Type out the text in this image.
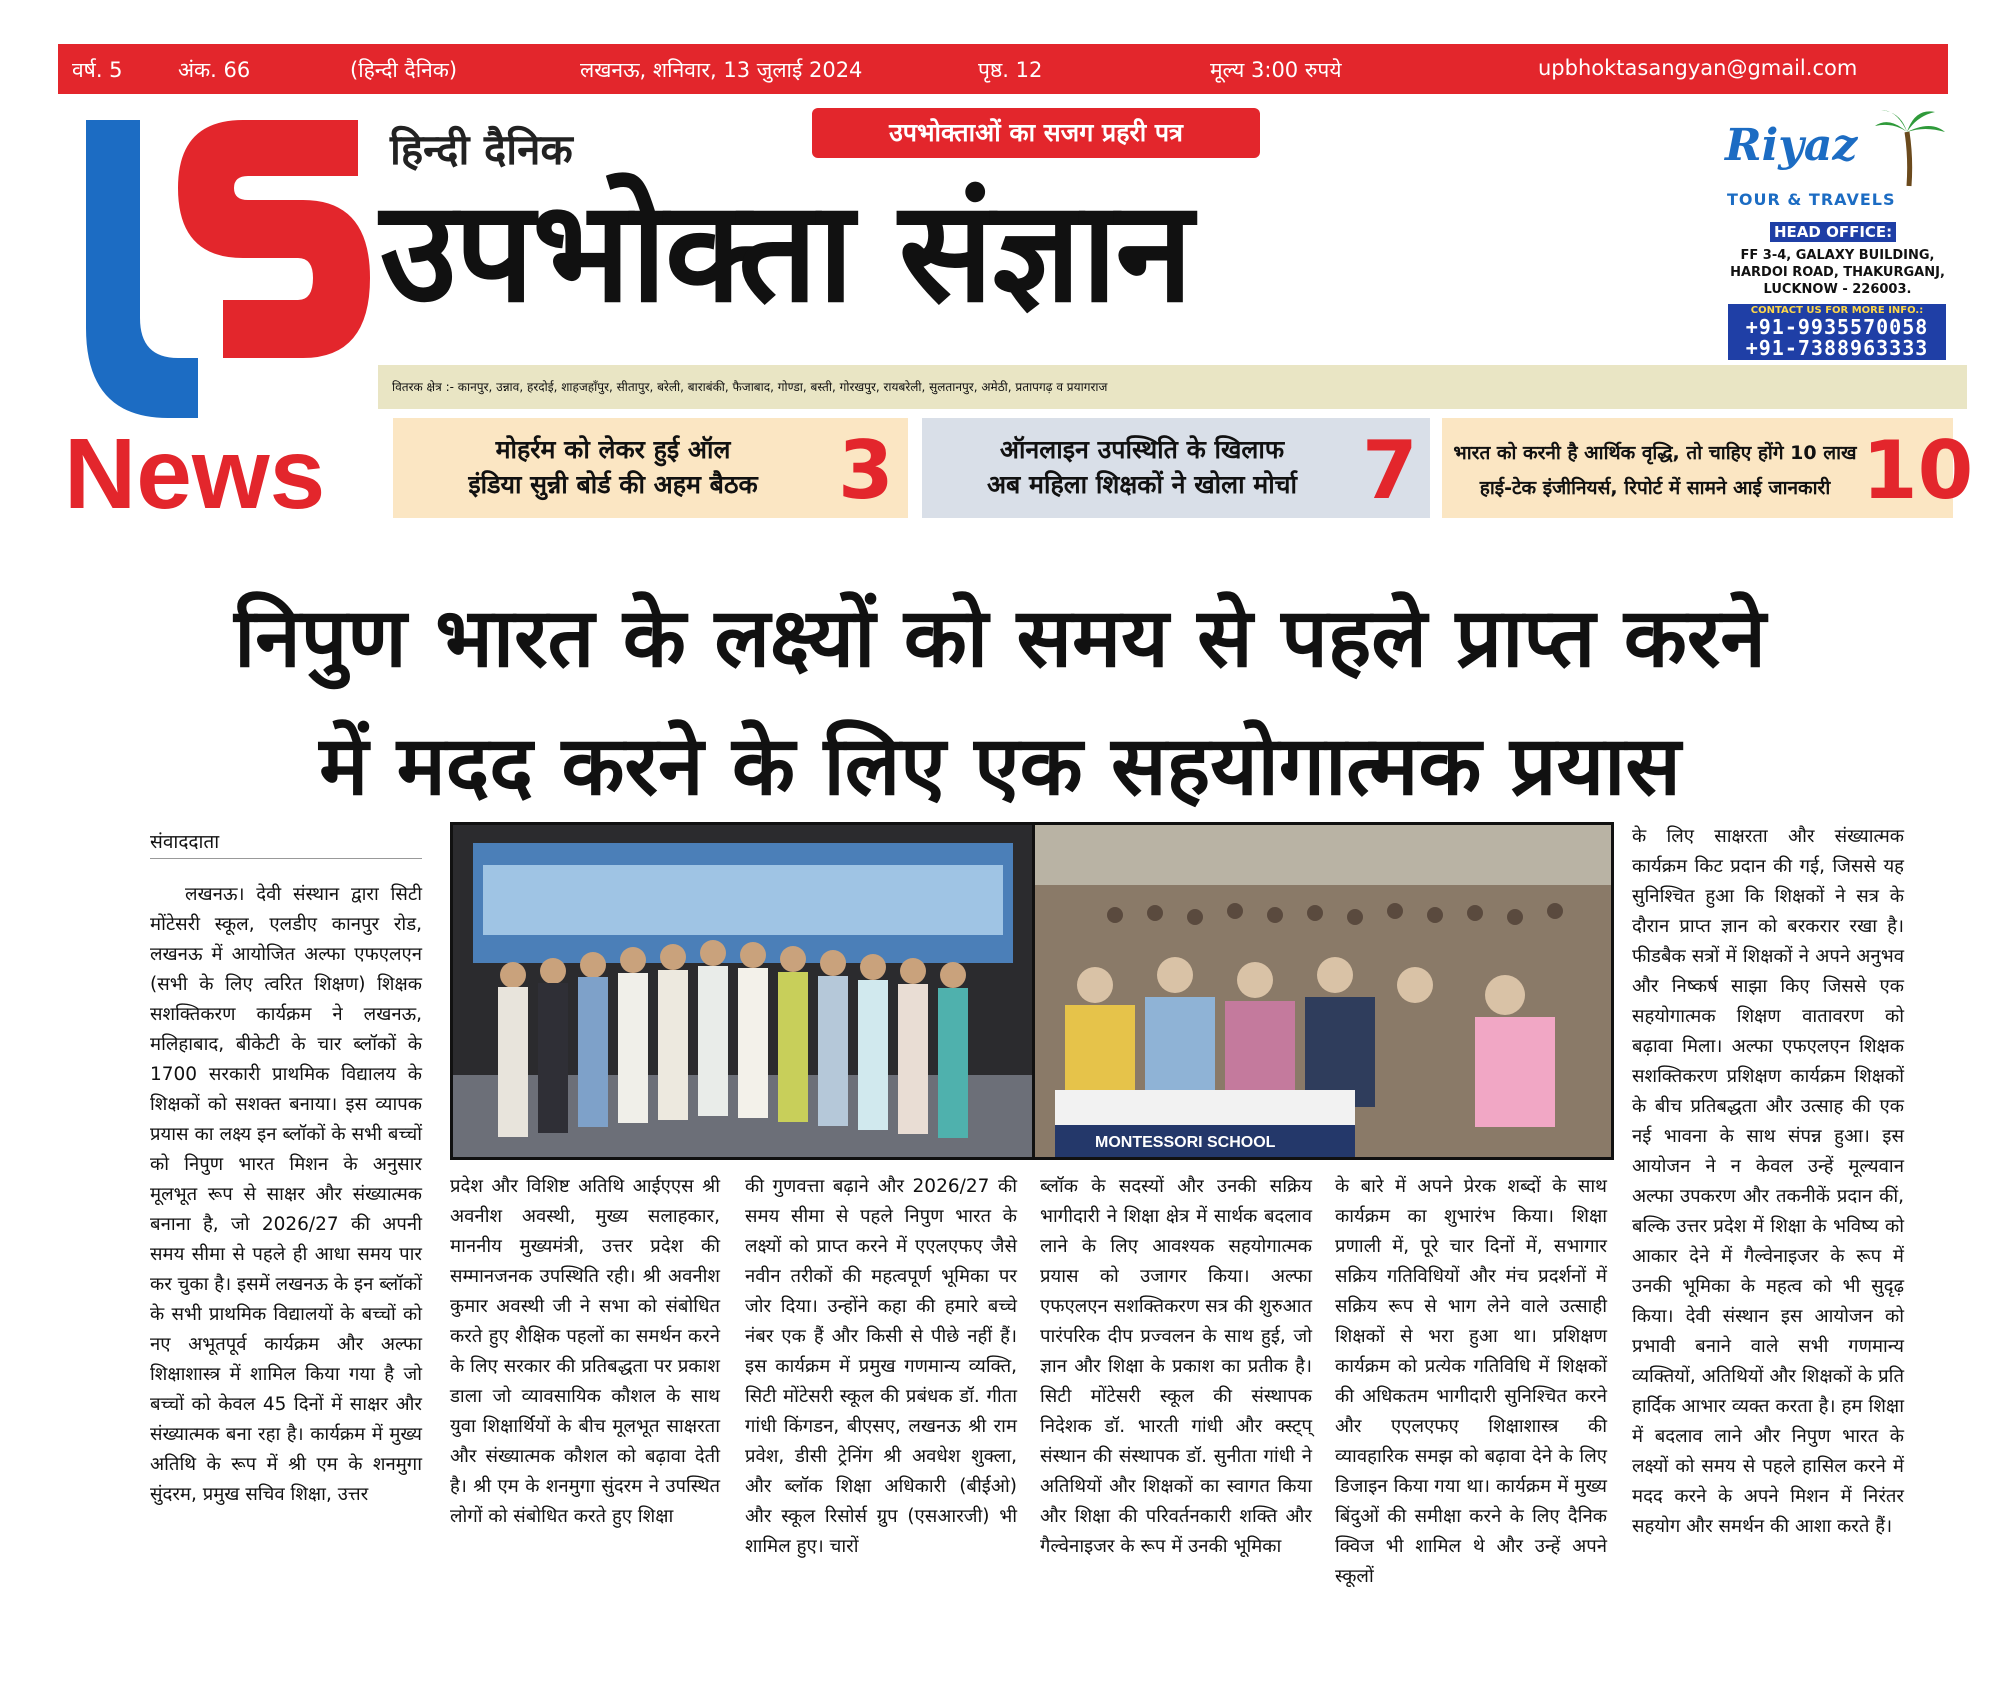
वर्ष. 5	अंक. 66	(हिन्दी दैनिक)	लखनऊ, शनिवार, 13 जुलाई 2024	पृष्ठ. 12	मूल्य 3:00 रुपये	upbhoktasangyan@gmail.com
News
हिन्दी दैनिक	उपभोक्ताओं का सजग प्रहरी पत्र
उपभोक्ता संज्ञान
Riyaz
TOUR & TRAVELS
HEAD OFFICE:
FF 3-4, GALAXY BUILDING,
HARDOI ROAD, THAKURGANJ,
LUCKNOW - 226003.
CONTACT US FOR MORE INFO.:
+91-9935570058
+91-7388963333
वितरक क्षेत्र :- कानपुर, उन्नाव, हरदोई, शाहजहाँपुर, सीतापुर, बरेली, बाराबंकी, फैजाबाद, गोण्डा, बस्ती, गोरखपुर, रायबरेली, सुलतानपुर, अमेठी, प्रतापगढ़ व प्रयागराज
मोहर्रम को लेकर हुई ऑल
इंडिया सुन्नी बोर्ड की अहम बैठक	3	ऑनलाइन उपस्थिति के खिलाफ
अब महिला शिक्षकों ने खोला मोर्चा 7 भारत को करनी है आर्थिक वृद्धि, तो चाहिए होंगे 10 लाख
हाई-टेक इंजीनियर्स, रिपोर्ट में सामने आई जानकारी 10
निपुण भारत के लक्ष्यों को समय से पहले प्राप्त करने
में मदद करने के लिए एक सहयोगात्मक प्रयास
संवाददाता
MONTESSORI SCHOOL
लखनऊ। देवी संस्थान द्वारा सिटी मोंटेसरी स्कूल, एलडीए कानपुर रोड, लखनऊ में आयोजित अल्फा एफएलएन (सभी के लिए त्वरित शिक्षण) शिक्षक सशक्तिकरण कार्यक्रम ने लखनऊ, मलिहाबाद, बीकेटी के चार ब्लॉकों के 1700 सरकारी प्राथमिक विद्यालय के शिक्षकों को सशक्त बनाया। इस व्यापक प्रयास का लक्ष्य इन ब्लॉकों के सभी बच्चों को निपुण भारत मिशन के अनुसार मूलभूत रूप से साक्षर और संख्यात्मक बनाना है, जो 2026/27 की अपनी समय सीमा से पहले ही आधा समय पार कर चुका है। इसमें लखनऊ के इन ब्लॉकों के सभी प्राथमिक विद्यालयों के बच्चों को नए अभूतपूर्व कार्यक्रम और अल्फा शिक्षाशास्त्र में शामिल किया गया है जो बच्चों को केवल 45 दिनों में साक्षर और संख्यात्मक बना रहा है। कार्यक्रम में मुख्य अतिथि के रूप में श्री एम के शनमुगा सुंदरम, प्रमुख सचिव शिक्षा, उत्तर
प्रदेश और विशिष्ट अतिथि आईएएस श्री अवनीश अवस्थी, मुख्य सलाहकार, माननीय मुख्यमंत्री, उत्तर प्रदेश की सम्मानजनक उपस्थिति रही। श्री अवनीश कुमार अवस्थी जी ने सभा को संबोधित करते हुए शैक्षिक पहलों का समर्थन करने के लिए सरकार की प्रतिबद्धता पर प्रकाश डाला जो व्यावसायिक कौशल के साथ युवा शिक्षार्थियों के बीच मूलभूत साक्षरता और संख्यात्मक कौशल को बढ़ावा देती है। श्री एम के शनमुगा सुंदरम ने उपस्थित लोगों को संबोधित करते हुए शिक्षा
की गुणवत्ता बढ़ाने और 2026/27 की समय सीमा से पहले निपुण भारत के लक्ष्यों को प्राप्त करने में एएलएफए जैसे नवीन तरीकों की महत्वपूर्ण भूमिका पर जोर दिया। उन्होंने कहा की हमारे बच्चे नंबर एक हैं और किसी से पीछे नहीं हैं। इस कार्यक्रम में प्रमुख गणमान्य व्यक्ति, सिटी मोंटेसरी स्कूल की प्रबंधक डॉ. गीता गांधी किंगडन, बीएसए, लखनऊ श्री राम प्रवेश, डीसी ट्रेनिंग श्री अवधेश शुक्ला, और ब्लॉक शिक्षा अधिकारी (बीईओ) और स्कूल रिसोर्स ग्रुप (एसआरजी) भी शामिल हुए। चारों
ब्लॉक के सदस्यों और उनकी सक्रिय भागीदारी ने शिक्षा क्षेत्र में सार्थक बदलाव लाने के लिए आवश्यक सहयोगात्मक प्रयास को उजागर किया। अल्फा एफएलएन सशक्तिकरण सत्र की शुरुआत पारंपरिक दीप प्रज्वलन के साथ हुई, जो ज्ञान और शिक्षा के प्रकाश का प्रतीक है। सिटी मोंटेसरी स्कूल की संस्थापक निदेशक डॉ. भारती गांधी और क्स्ट्प् संस्थान की संस्थापक डॉ. सुनीता गांधी ने अतिथियों और शिक्षकों का स्वागत किया और शिक्षा की परिवर्तनकारी शक्ति और गैल्वेनाइजर के रूप में उनकी भूमिका
के बारे में अपने प्रेरक शब्दों के साथ कार्यक्रम का शुभारंभ किया। शिक्षा प्रणाली में, पूरे चार दिनों में, सभागार सक्रिय गतिविधियों और मंच प्रदर्शनों में सक्रिय रूप से भाग लेने वाले उत्साही शिक्षकों से भरा हुआ था। प्रशिक्षण कार्यक्रम को प्रत्येक गतिविधि में शिक्षकों की अधिकतम भागीदारी सुनिश्चित करने और एएलएफए शिक्षाशास्त्र की व्यावहारिक समझ को बढ़ावा देने के लिए डिजाइन किया गया था। कार्यक्रम में मुख्य बिंदुओं की समीक्षा करने के लिए दैनिक क्विज भी शामिल थे और उन्हें अपने स्कूलों
के लिए साक्षरता और संख्यात्मक कार्यक्रम किट प्रदान की गई, जिससे यह सुनिश्चित हुआ कि शिक्षकों ने सत्र के दौरान प्राप्त ज्ञान को बरकरार रखा है। फीडबैक सत्रों में शिक्षकों ने अपने अनुभव और निष्कर्ष साझा किए जिससे एक सहयोगात्मक शिक्षण वातावरण को बढ़ावा मिला। अल्फा एफएलएन शिक्षक सशक्तिकरण प्रशिक्षण कार्यक्रम शिक्षकों के बीच प्रतिबद्धता और उत्साह की एक नई भावना के साथ संपन्न हुआ। इस आयोजन ने न केवल उन्हें मूल्यवान अल्फा उपकरण और तकनीकें प्रदान कीं, बल्कि उत्तर प्रदेश में शिक्षा के भविष्य को आकार देने में गैल्वेनाइजर के रूप में उनकी भूमिका के महत्व को भी सुदृढ़ किया। देवी संस्थान इस आयोजन को प्रभावी बनाने वाले सभी गणमान्य व्यक्तियों, अतिथियों और शिक्षकों के प्रति हार्दिक आभार व्यक्त करता है। हम शिक्षा में बदलाव लाने और निपुण भारत के लक्ष्यों को समय से पहले हासिल करने में मदद करने के अपने मिशन में निरंतर सहयोग और समर्थन की आशा करते हैं।
